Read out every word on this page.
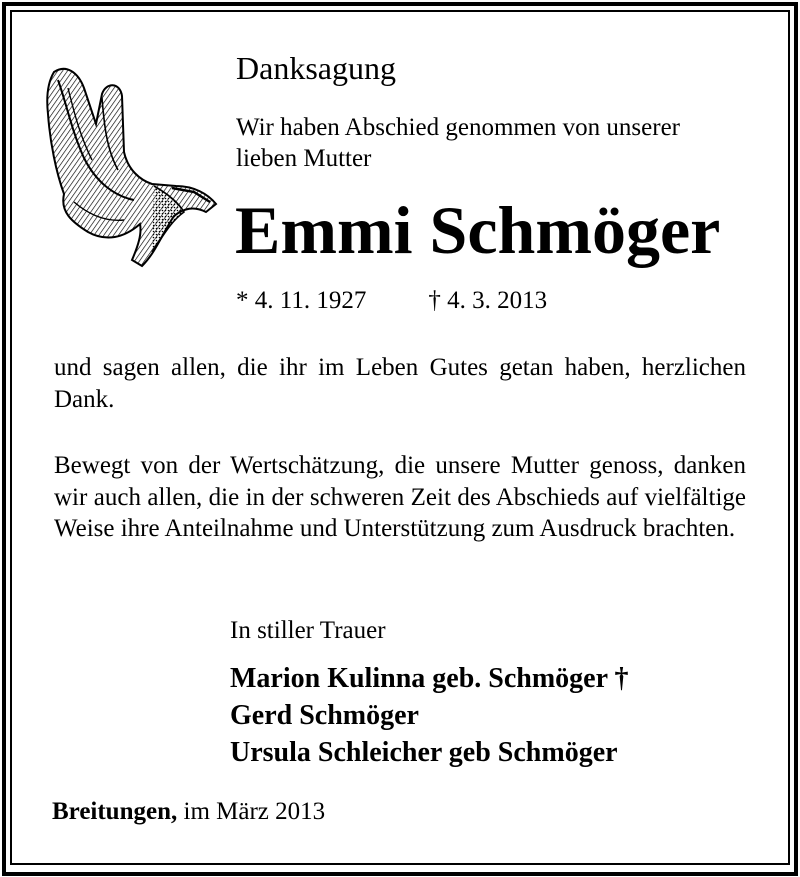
Danksagung
Wir haben Abschied genommen von unserer
lieben Mutter
Emmi Schmöger
* 4. 11. 1927 † 4. 3. 2013
und sagen allen, die ihr im Leben Gutes getan haben, herzlichen Dank.
Bewegt von der Wertschätzung, die unsere Mutter genoss, danken wir auch allen, die in der schweren Zeit des Abschieds auf vielfältige Weise ihre Anteilnahme und Unterstützung zum Ausdruck brachten.
In stiller Trauer
Marion Kulinna geb. Schmöger †
Gerd Schmöger
Ursula Schleicher geb Schmöger
Breitungen, im März 2013
